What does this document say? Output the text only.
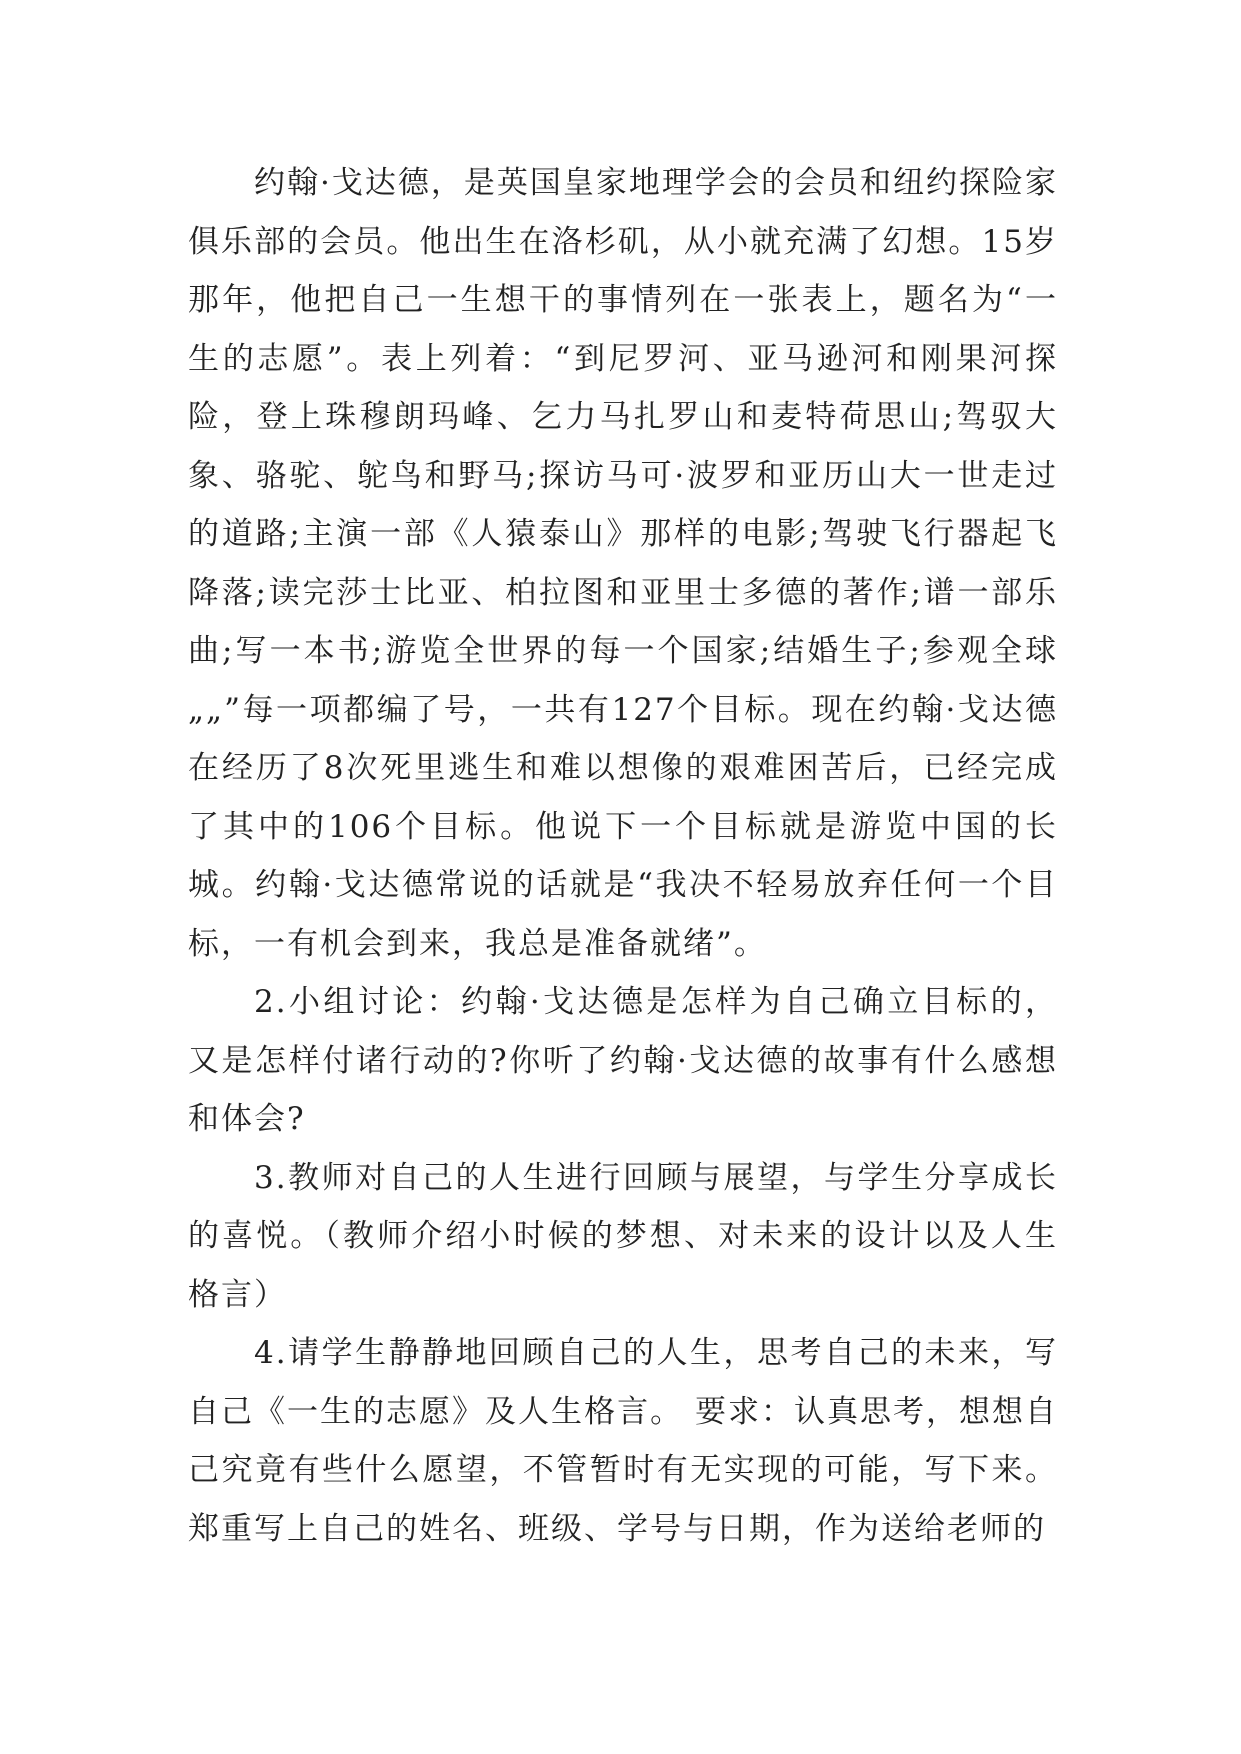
约翰·戈达德，是英国皇家地理学会的会员和纽约探险家俱乐部的会员。他出生在洛杉矶，从小就充满了幻想。15岁那年，他把自己一生想干的事情列在一张表上，题名为“一生的志愿”。表上列着：“到尼罗河、亚马逊河和刚果河探险，登上珠穆朗玛峰、乞力马扎罗山和麦特荷思山;驾驭大象、骆驼、鸵鸟和野马;探访马可·波罗和亚历山大一世走过的道路;主演一部《人猿泰山》那样的电影;驾驶飞行器起飞降落;读完莎士比亚、柏拉图和亚里士多德的著作;谱一部乐曲;写一本书;游览全世界的每一个国家;结婚生子;参观全球„„”每一项都编了号，一共有127个目标。现在约翰·戈达德在经历了8次死里逃生和难以想像的艰难困苦后，已经完成了其中的106个目标。他说下一个目标就是游览中国的长城。约翰·戈达德常说的话就是“我决不轻易放弃任何一个目标，一有机会到来，我总是准备就绪”。

2.小组讨论：约翰·戈达德是怎样为自己确立目标的，又是怎样付诸行动的?你听了约翰·戈达德的故事有什么感想和体会?

3.教师对自己的人生进行回顾与展望，与学生分享成长的喜悦。（教师介绍小时候的梦想、对未来的设计以及人生格言）

4.请学生静静地回顾自己的人生，思考自己的未来，写自己《一生的志愿》及人生格言。 要求：认真思考，想想自己究竟有些什么愿望，不管暂时有无实现的可能，写下来。郑重写上自己的姓名、班级、学号与日期，作为送给老师的
